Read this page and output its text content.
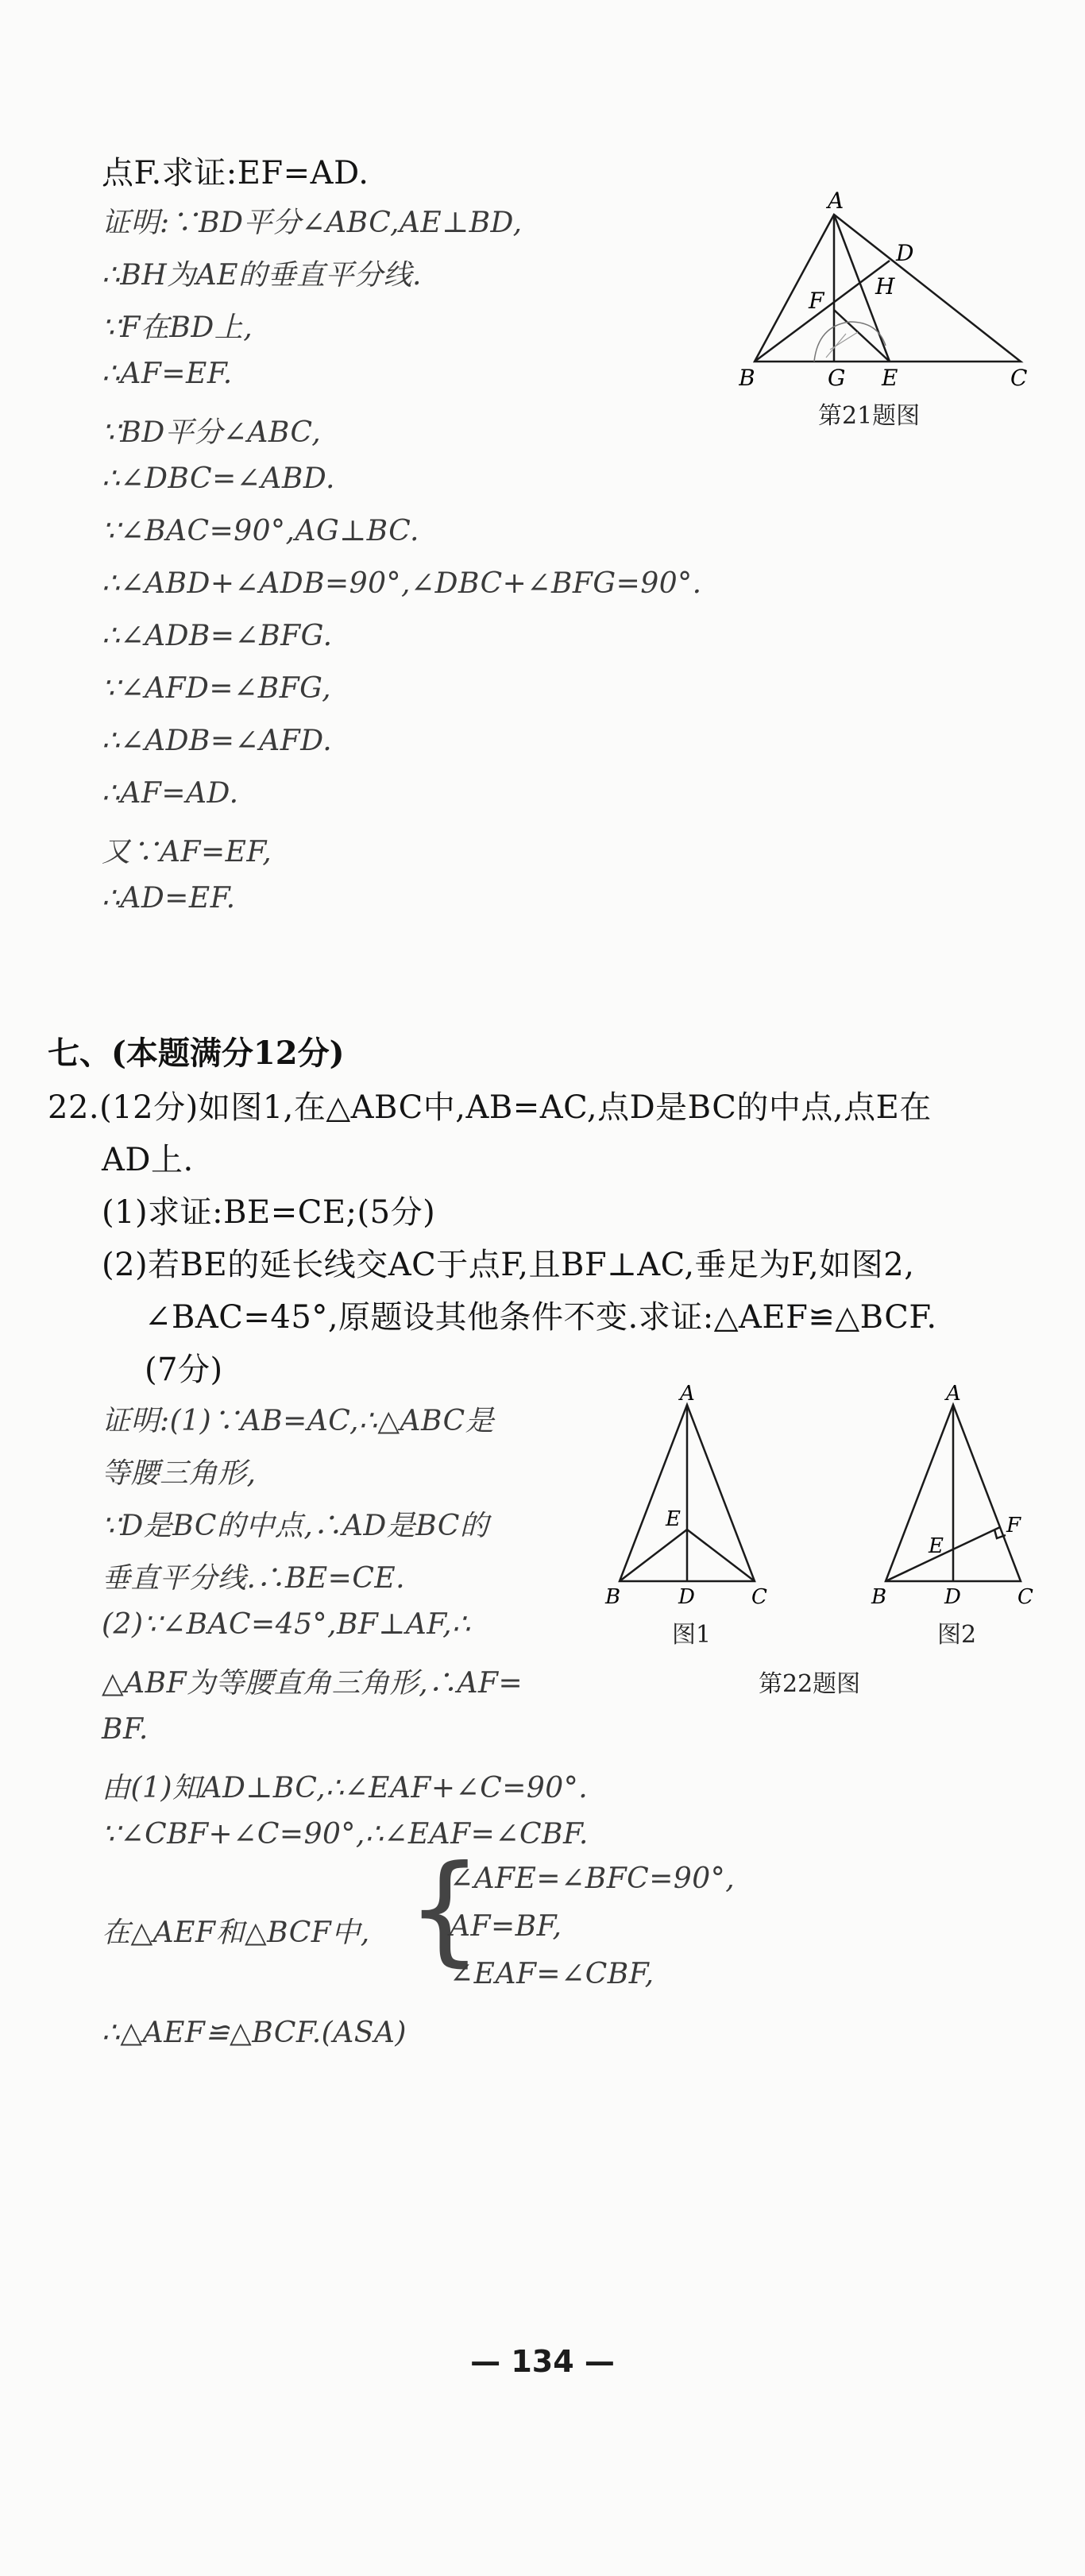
点F.求证:EF=AD.
证明:∵BD平分∠ABC,AE⊥BD,
∴BH为AE的垂直平分线.
∵F在BD上,
∴AF=EF.
∵BD平分∠ABC,
∴∠DBC=∠ABD.
∵∠BAC=90°,AG⊥BC.
∴∠ABD+∠ADB=90°,∠DBC+∠BFG=90°.
∴∠ADB=∠BFG.
∵∠AFD=∠BFG,
∴∠ADB=∠AFD.
∴AF=AD.
又∵AF=EF,
∴AD=EF.
A
B	C
D
E
F
G
H
第21题图
七、(本题满分12分)
22.(12分)如图1,在△ABC中,AB=AC,点D是BC的中点,点E在
AD上.
(1)求证:BE=CE;(5分)
(2)若BE的延长线交AC于点F,且BF⊥AC,垂足为F,如图2,
∠BAC=45°,原题设其他条件不变.求证:△AEF≌△BCF.
(7分)
证明:(1)∵AB=AC,∴△ABC是
等腰三角形,
∵D是BC的中点,∴AD是BC的
垂直平分线.∴BE=CE.
(2)∵∠BAC=45°,BF⊥AF,∴
△ABF为等腰直角三角形,∴AF=
BF.
由(1)知AD⊥BC,∴∠EAF+∠C=90°.
∵∠CBF+∠C=90°,∴∠EAF=∠CBF.
在△AEF和△BCF中, {
∠AFE=∠BFC=90°,
AF=BF,
∠EAF=∠CBF,
∴△AEF≌△BCF.(ASA)
A
B	D	C
E
图1
A
B	D	C
E
F
图2
第22题图
— 134 —
